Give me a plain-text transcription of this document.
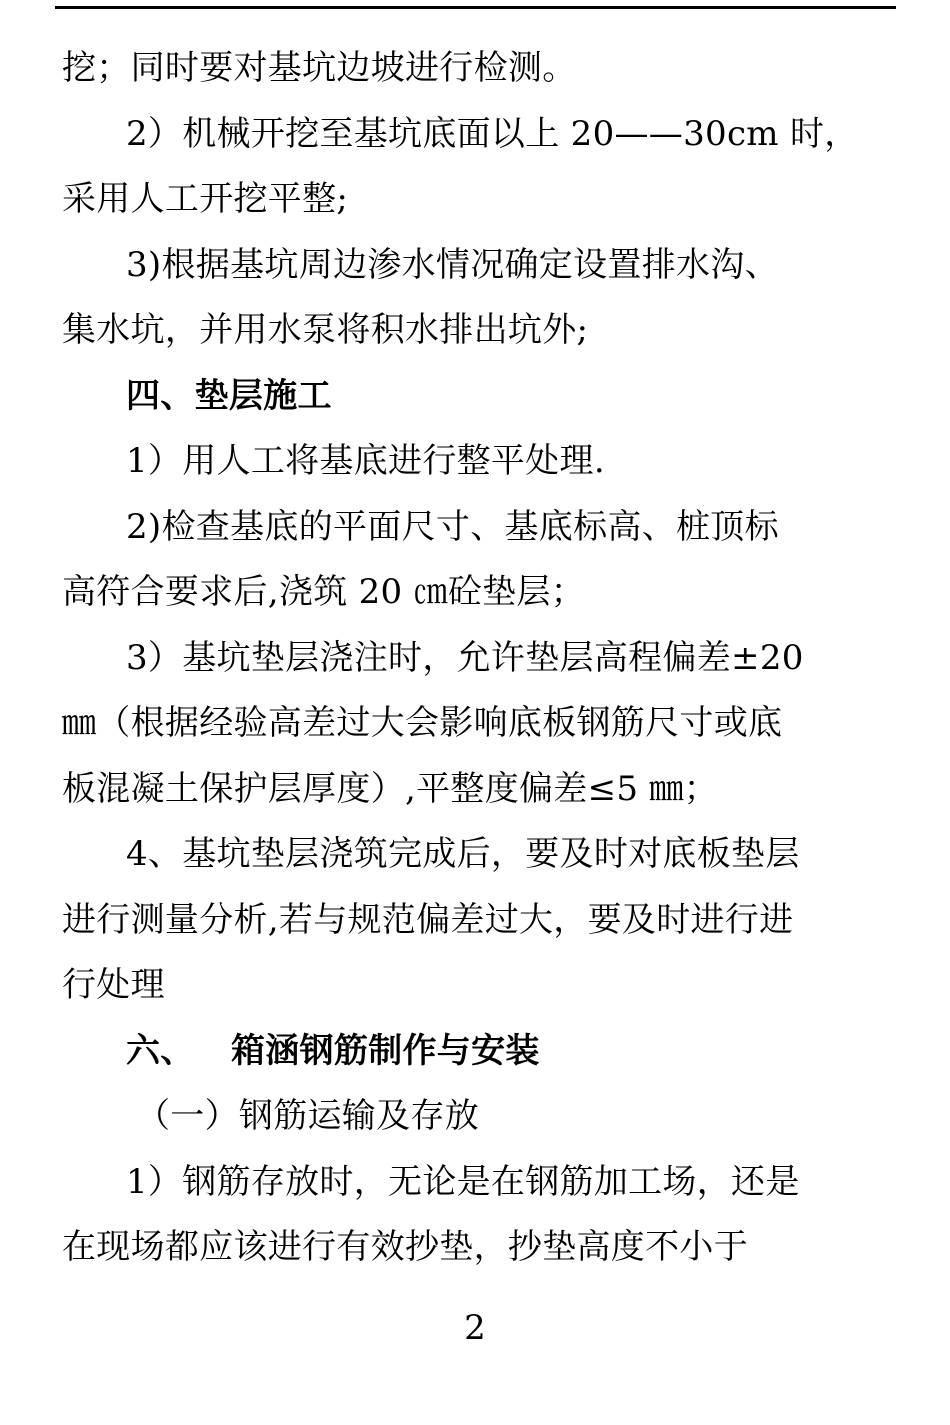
挖；同时要对基坑边坡进行检测。
2）机械开挖至基坑底面以上 20——30cm 时，
采用人工开挖平整;
3)根据基坑周边渗水情况确定设置排水沟、
集水坑，并用水泵将积水排出坑外;
四、垫层施工
1）用人工将基底进行整平处理.
2)检查基底的平面尺寸、基底标高、桩顶标
高符合要求后,浇筑 20 ㎝砼垫层；
3）基坑垫层浇注时，允许垫层高程偏差±20
㎜（根据经验高差过大会影响底板钢筋尺寸或底
板混凝土保护层厚度）,平整度偏差≤5 ㎜；
4、基坑垫层浇筑完成后，要及时对底板垫层
进行测量分析,若与规范偏差过大，要及时进行进
行处理
六、   箱涵钢筋制作与安装
（一）钢筋运输及存放
1）钢筋存放时，无论是在钢筋加工场，还是
在现场都应该进行有效抄垫，抄垫高度不小于
2
